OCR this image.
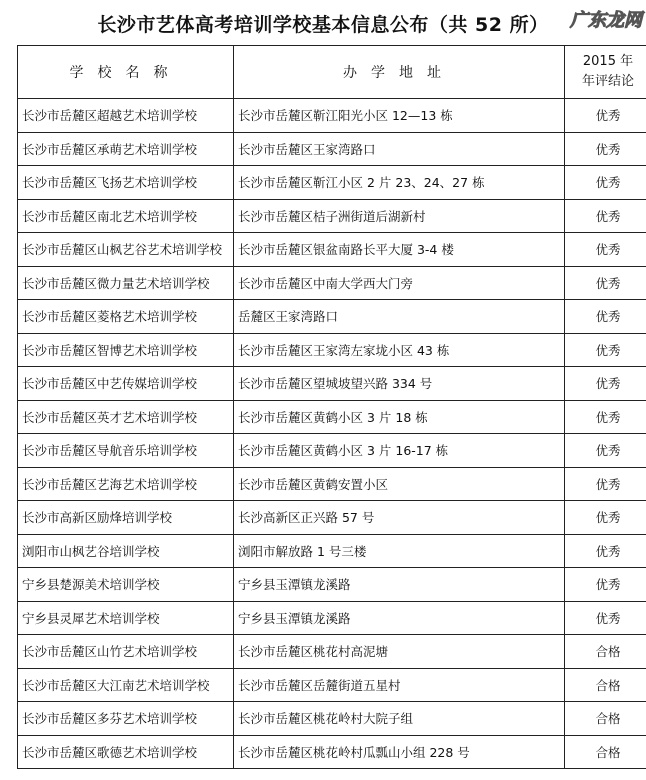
长沙市艺体高考培训学校基本信息公布（共 52 所）
学校名称	办学地址	2015 年
年评结论
长沙市岳麓区超越艺术培训学校	长沙市岳麓区靳江阳光小区 12—13 栋	优秀
长沙市岳麓区承萌艺术培训学校	长沙市岳麓区王家湾路口	优秀
长沙市岳麓区飞扬艺术培训学校	长沙市岳麓区靳江小区 2 片 23、24、27 栋	优秀
长沙市岳麓区南北艺术培训学校	长沙市岳麓区桔子洲街道后湖新村	优秀
长沙市岳麓区山枫艺谷艺术培训学校	长沙市岳麓区银盆南路长平大厦 3-4 楼	优秀
长沙市岳麓区微力量艺术培训学校	长沙市岳麓区中南大学西大门旁	优秀
长沙市岳麓区菱格艺术培训学校	岳麓区王家湾路口	优秀
长沙市岳麓区智博艺术培训学校	长沙市岳麓区王家湾左家垅小区 43 栋	优秀
长沙市岳麓区中艺传媒培训学校	长沙市岳麓区望城坡望兴路 334 号	优秀
长沙市岳麓区英才艺术培训学校	长沙市岳麓区黄鹤小区 3 片 18 栋	优秀
长沙市岳麓区导航音乐培训学校	长沙市岳麓区黄鹤小区 3 片 16-17 栋	优秀
长沙市岳麓区艺海艺术培训学校	长沙市岳麓区黄鹤安置小区	优秀
长沙市高新区励烽培训学校	长沙高新区正兴路 57 号	优秀
浏阳市山枫艺谷培训学校	浏阳市解放路 1 号三楼	优秀
宁乡县楚源美术培训学校	宁乡县玉潭镇龙溪路	优秀
宁乡县灵犀艺术培训学校	宁乡县玉潭镇龙溪路	优秀
长沙市岳麓区山竹艺术培训学校	长沙市岳麓区桃花村高泥塘	合格
长沙市岳麓区大江南艺术培训学校	长沙市岳麓区岳麓街道五星村	合格
长沙市岳麓区多芬艺术培训学校	长沙市岳麓区桃花岭村大院子组	合格
长沙市岳麓区歌德艺术培训学校	长沙市岳麓区桃花岭村瓜瓢山小组 228 号	合格
广东龙网
